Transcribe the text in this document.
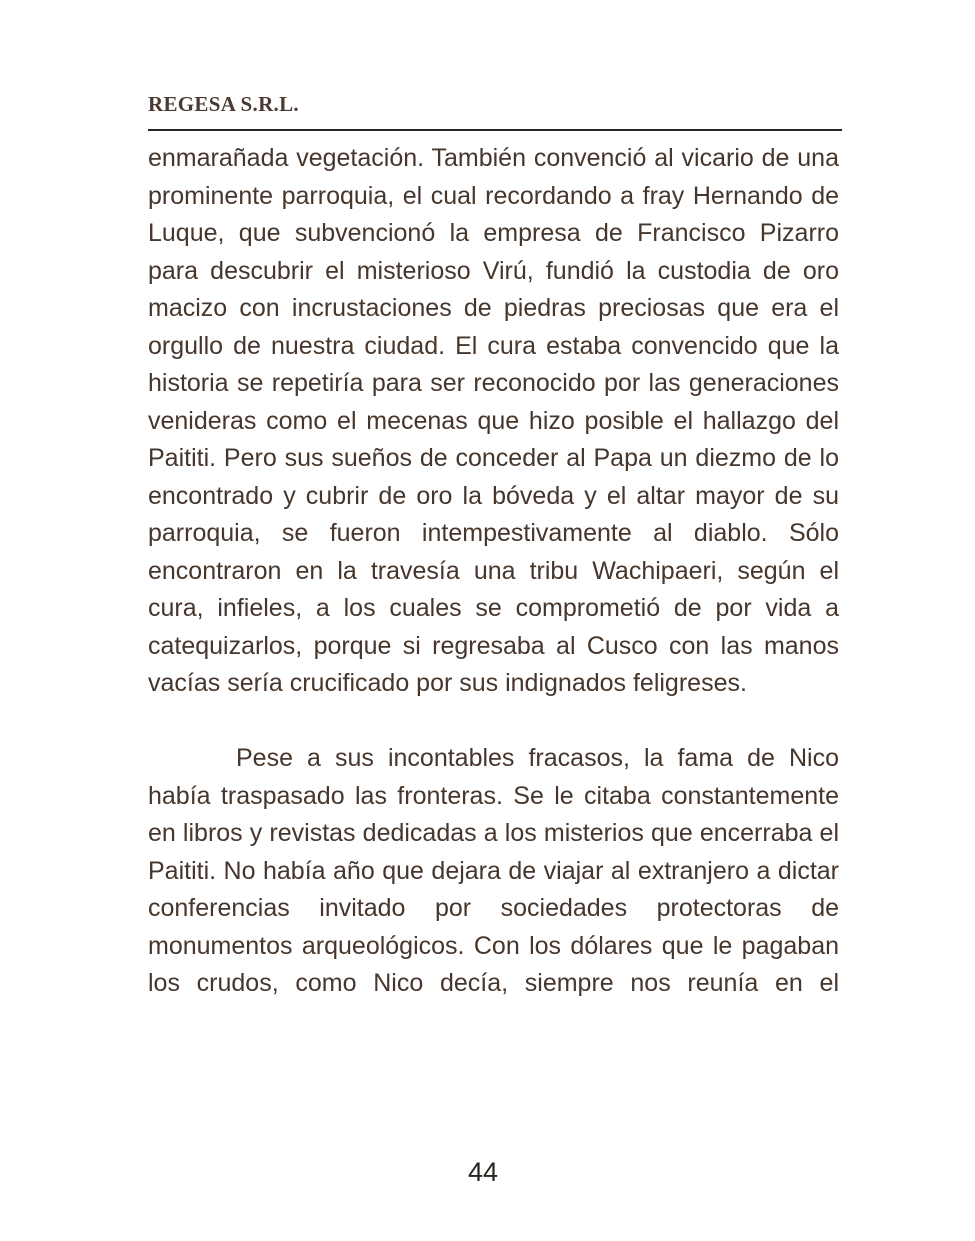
REGESA S.R.L.

enmarañada vegetación. También convenció al vicario de una prominente parroquia, el cual recordando a fray Hernando de Luque, que subvencionó la empresa de Francisco Pizarro para descubrir el misterioso Virú, fundió la custodia de oro macizo con incrustaciones de piedras preciosas que era el orgullo de nuestra ciudad. El cura estaba convencido que la historia se repetiría para ser reconocido por las generaciones venideras como el mecenas que hizo posible el hallazgo del Paititi. Pero sus sueños de conceder al Papa un diezmo de lo encontrado y cubrir de oro la bóveda y el altar mayor de su parroquia, se fueron intempestivamente al diablo. Sólo encontraron en la travesía una tribu Wachipaeri, según el cura, infieles, a los cuales se comprometió de por vida a catequizarlos, porque si regresaba al Cusco con las manos vacías sería crucificado por sus indignados feligreses.

Pese a sus incontables fracasos, la fama de Nico había traspasado las fronteras. Se le citaba constantemente en libros y revistas dedicadas a los misterios que encerraba el Paititi. No había año que dejara de viajar al extranjero a dictar conferencias invitado por sociedades protectoras de monumentos arqueológicos. Con los dólares que le pagaban los crudos, como Nico decía, siempre nos reunía en el

44
